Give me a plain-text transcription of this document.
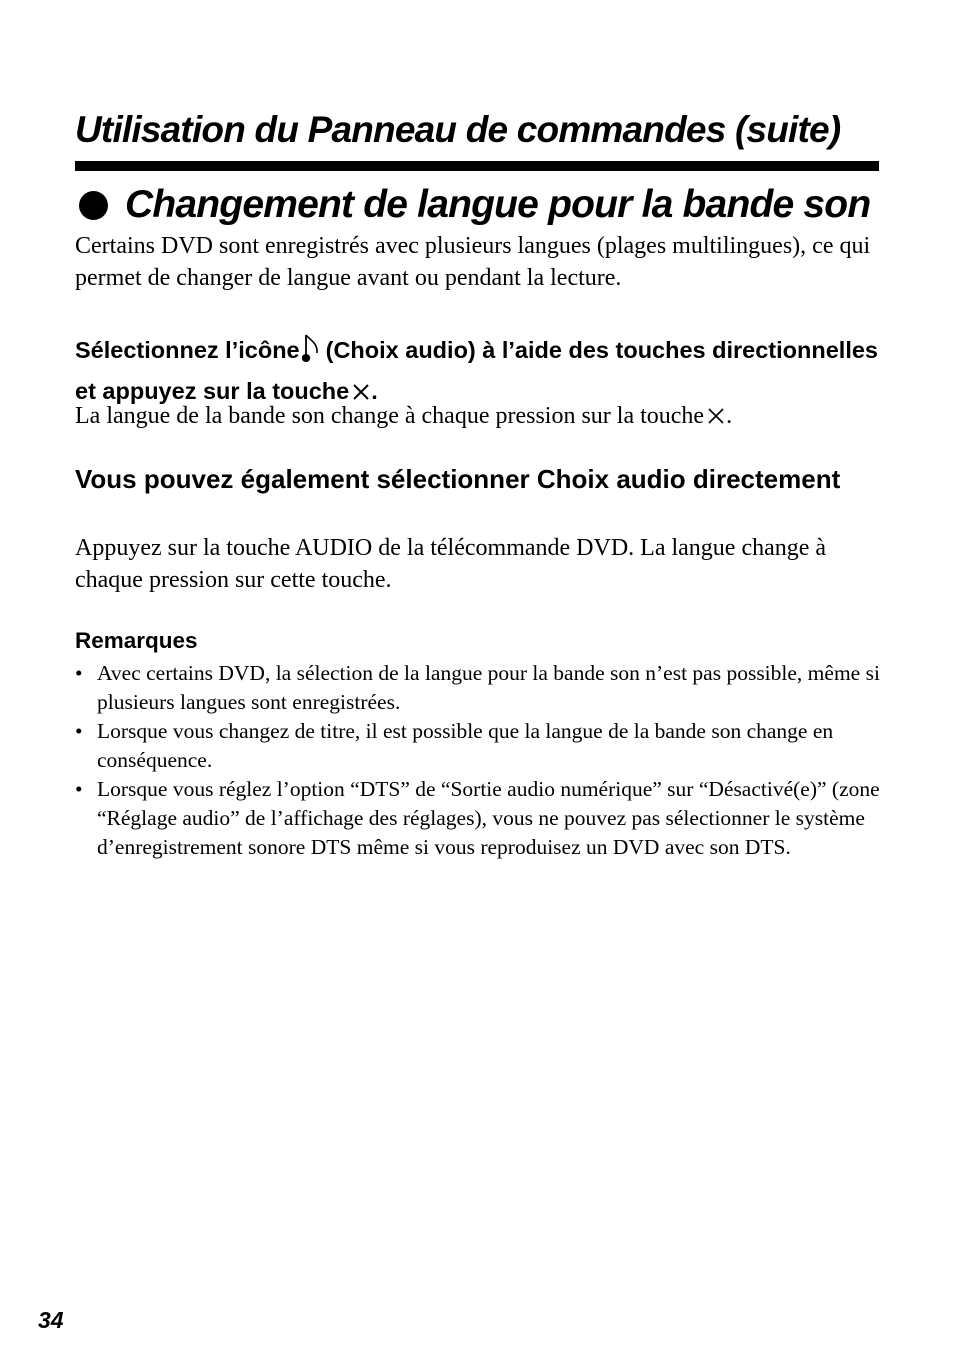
Utilisation du Panneau de commandes (suite)
Changement de langue pour la bande son

Certains DVD sont enregistrés avec plusieurs langues (plages multilingues), ce qui permet de changer de langue avant ou pendant la lecture.

Sélectionnez l’icône (Choix audio) à l’aide des touches directionnelles et appuyez sur la touche .

La langue de la bande son change à chaque pression sur la touche .

Vous pouvez également sélectionner Choix audio directement

Appuyez sur la touche AUDIO de la télécommande DVD. La langue change à chaque pression sur cette touche.

Remarques
• Avec certains DVD, la sélection de la langue pour la bande son n’est pas possible, même si plusieurs langues sont enregistrées.
• Lorsque vous changez de titre, il est possible que la langue de la bande son change en conséquence.
• Lorsque vous réglez l’option “DTS” de “Sortie audio numérique” sur “Désactivé(e)” (zone “Réglage audio” de l’affichage des réglages), vous ne pouvez pas sélectionner le système d’enregistrement sonore DTS même si vous reproduisez un DVD avec son DTS.

34
